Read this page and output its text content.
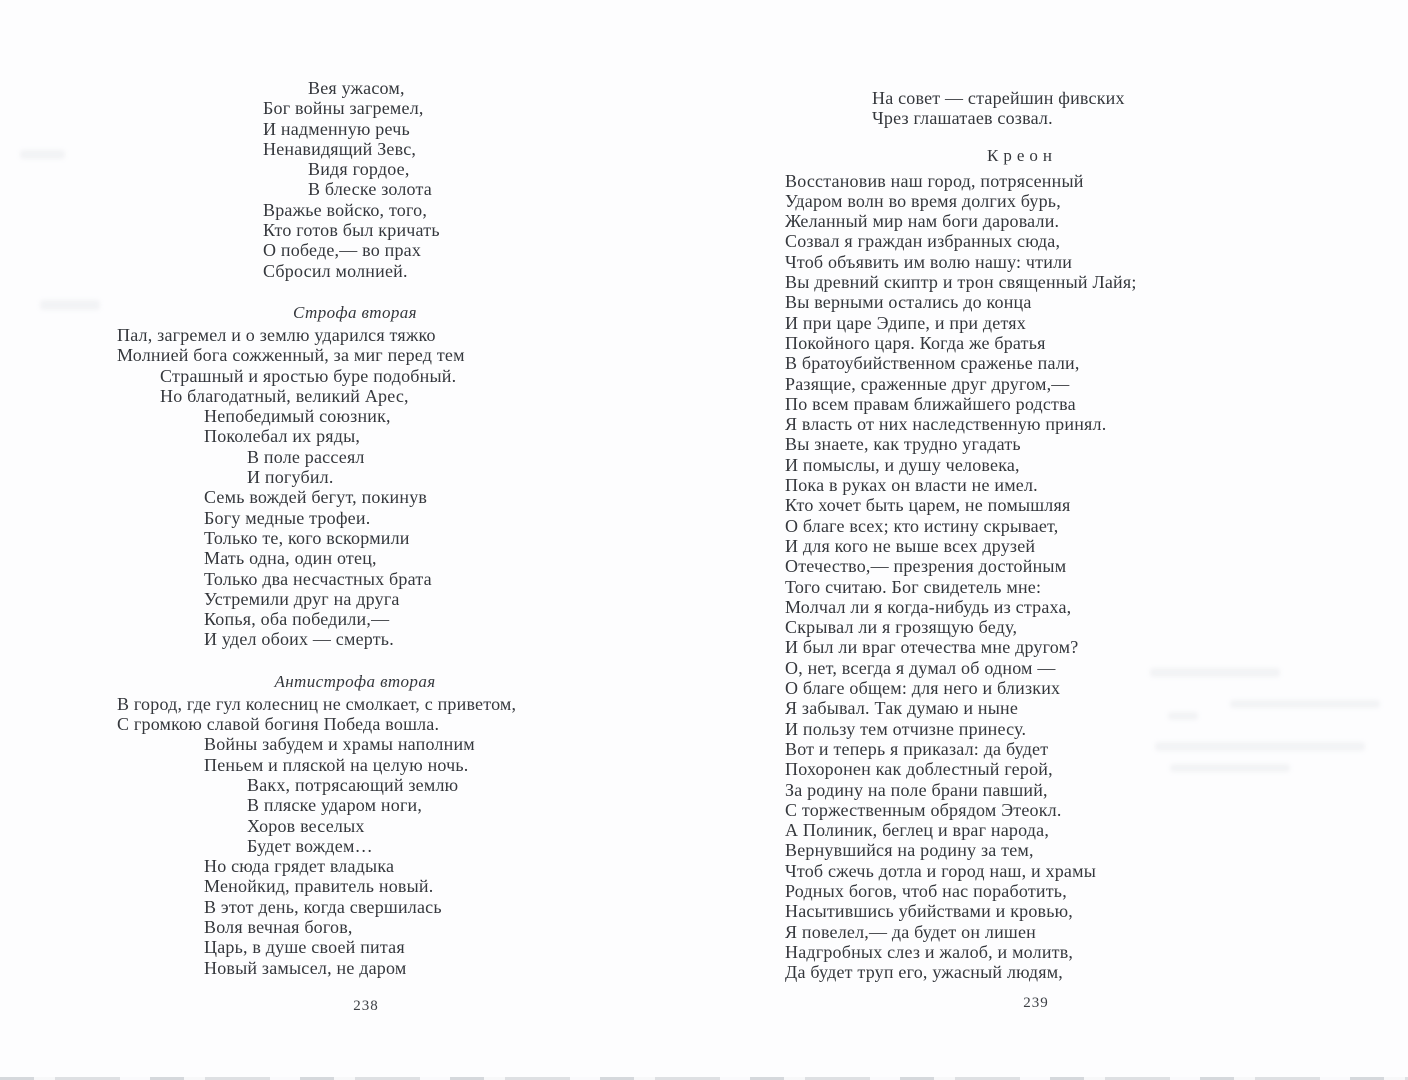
Вея ужасом,
Бог войны загремел,
И надменную речь
Ненавидящий Зевс,
Видя гордое,
В блеске золота
Вражье войско, того,
Кто готов был кричать
О победе,— во прах
Сбросил молнией.
Строфа вторая
Пал, загремел и о землю ударился тяжко
Молнией бога сожженный, за миг перед тем
Страшный и яростью буре подобный.
Но благодатный, великий Арес,
Непобедимый союзник,
Поколебал их ряды,
В поле рассеял
И погубил.
Семь вождей бегут, покинув
Богу медные трофеи.
Только те, кого вскормили
Мать одна, один отец,
Только два несчастных брата
Устремили друг на друга
Копья, оба победили,—
И удел обоих — смерть.
Антистрофа вторая
В город, где гул колесниц не смолкает, с приветом,
С громкою славой богиня Победа вошла.
Войны забудем и храмы наполним
Пеньем и пляской на целую ночь.
Вакх, потрясающий землю
В пляске ударом ноги,
Хоров веселых
Будет вождем…
Но сюда грядет владыка
Менойкид, правитель новый.
В этот день, когда свершилась
Воля вечная богов,
Царь, в душе своей питая
Новый замысел, не даром
На совет — старейшин фивских
Чрез глашатаев созвал.
Креон
Восстановив наш город, потрясенный
Ударом волн во время долгих бурь,
Желанный мир нам боги даровали.
Созвал я граждан избранных сюда,
Чтоб объявить им волю нашу: чтили
Вы древний скиптр и трон священный Лайя;
Вы верными остались до конца
И при царе Эдипе, и при детях
Покойного царя. Когда же братья
В братоубийственном сраженье пали,
Разящие, сраженные друг другом,—
По всем правам ближайшего родства
Я власть от них наследственную принял.
Вы знаете, как трудно угадать
И помыслы, и душу человека,
Пока в руках он власти не имел.
Кто хочет быть царем, не помышляя
О благе всех; кто истину скрывает,
И для кого не выше всех друзей
Отечество,— презрения достойным
Того считаю. Бог свидетель мне:
Молчал ли я когда-нибудь из страха,
Скрывал ли я грозящую беду,
И был ли враг отечества мне другом?
О, нет, всегда я думал об одном —
О благе общем: для него и близких
Я забывал. Так думаю и ныне
И пользу тем отчизне принесу.
Вот и теперь я приказал: да будет
Похоронен как доблестный герой,
За родину на поле брани павший,
С торжественным обрядом Этеокл.
А Полиник, беглец и враг народа,
Вернувшийся на родину за тем,
Чтоб сжечь дотла и город наш, и храмы
Родных богов, чтоб нас поработить,
Насытившись убийствами и кровью,
Я повелел,— да будет он лишен
Надгробных слез и жалоб, и молитв,
Да будет труп его, ужасный людям,
238	239
